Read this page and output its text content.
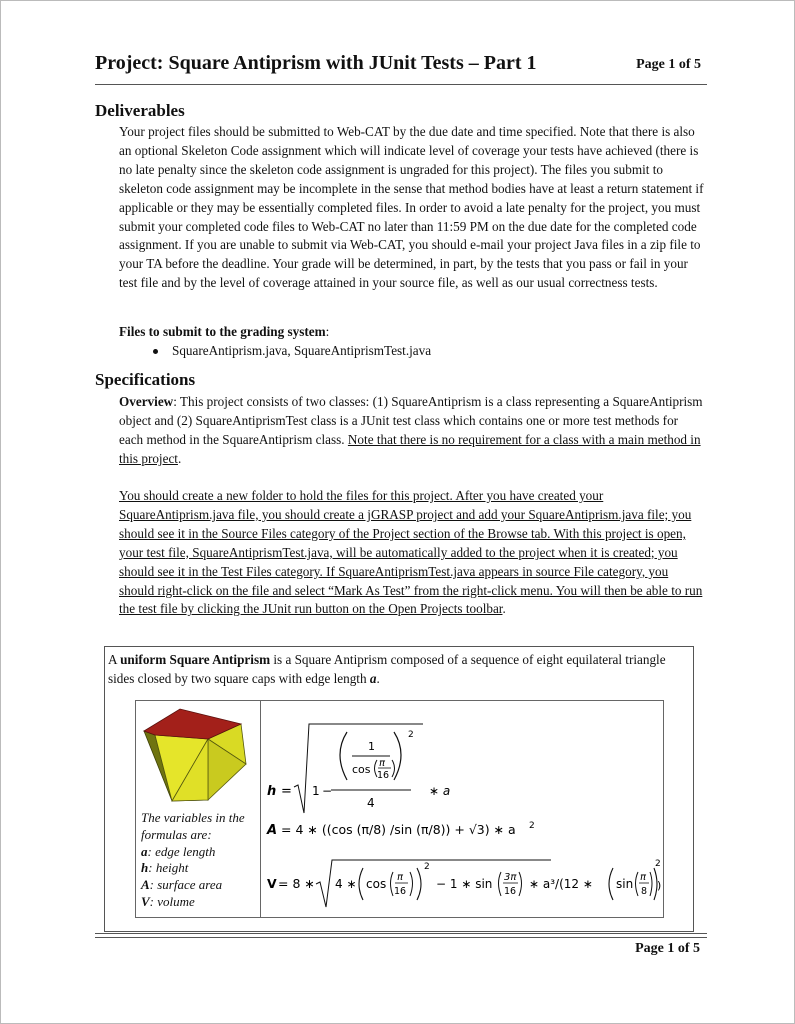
Project: Square Antiprism with JUnit Tests – Part 1	Page 1 of 5
Deliverables

Your project files should be submitted to Web-CAT by the due date and time specified. Note that there is also an optional Skeleton Code assignment which will indicate level of coverage your tests have achieved (there is no late penalty since the skeleton code assignment is ungraded for this project). The files you submit to skeleton code assignment may be incomplete in the sense that method bodies have at least a return statement if applicable or they may be essentially completed files. In order to avoid a late penalty for the project, you must submit your completed code files to Web-CAT no later than 11:59 PM on the due date for the completed code assignment. If you are unable to submit via Web-CAT, you should e-mail your project Java files in a zip file to your TA before the deadline. Your grade will be determined, in part, by the tests that you pass or fail in your test file and by the level of coverage attained in your source file, as well as our usual correctness tests.

Files to submit to the grading system:

SquareAntiprism.java, SquareAntiprismTest.java
Specifications

Overview: This project consists of two classes: (1) SquareAntiprism is a class representing a SquareAntiprism object and (2) SquareAntiprismTest class is a JUnit test class which contains one or more test methods for each method in the SquareAntiprism class. Note that there is no requirement for a class with a main method in this project.

You should create a new folder to hold the files for this project. After you have created your SquareAntiprism.java file, you should create a jGRASP project and add your SquareAntiprism.java file; you should see it in the Source Files category of the Project section of the Browse tab. With this project is open, your test file, SquareAntiprismTest.java, will be automatically added to the project when it is created; you should see it in the Test Files category. If SquareAntiprismTest.java appears in source File category, you should right-click on the file and select “Mark As Test” from the right-click menu. You will then be able to run the test file by clicking the JUnit run button on the Open Projects toolbar.

A uniform Square Antiprism is a Square Antiprism composed of a sequence of eight equilateral triangle sides closed by two square caps with edge length a.
The variables in the formulas are:
a: edge length
h: height
A: surface area
V: volume
h = 1 −
1
cos π
16
2
4
∗ a
A = 4 ∗ ((cos (π/8) /sin (π/8)) + √3) ∗ a 2
V = 8 ∗ 4 ∗ cos π
16
2
− 1 ∗ sin 3π
16
∗ a³/(12 ∗ sin π
8
2
)
Page 1 of 5
